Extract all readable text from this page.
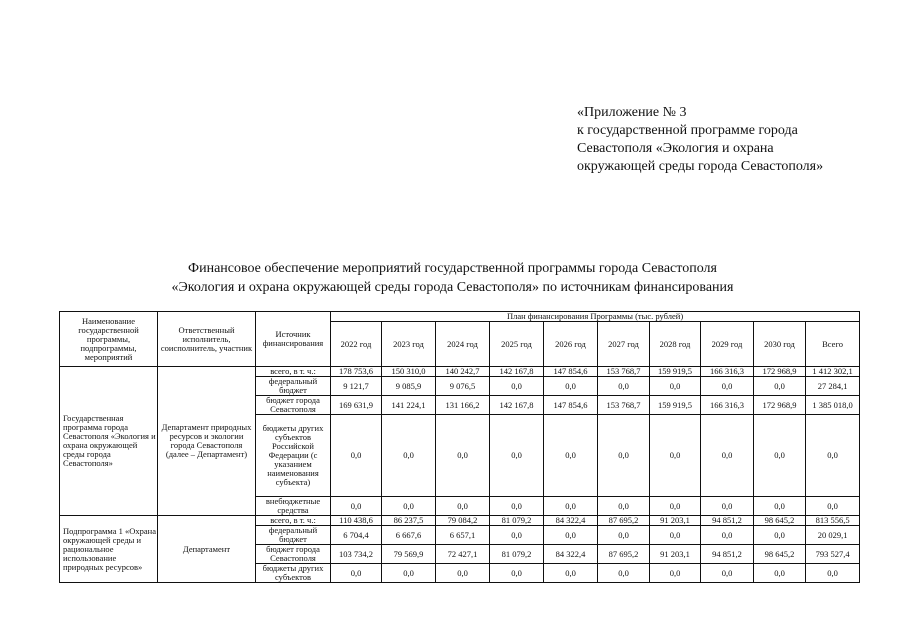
«Приложение № 3
к государственной программе города
Севастополя «Экология и охрана
окружающей среды города Севастополя»
Финансовое обеспечение мероприятий государственной программы города Севастополя
«Экология и охрана окружающей среды города Севастополя» по источникам финансирования
Наименование государственной программы, подпрограммы, мероприятий	Ответственный исполнитель, соисполнитель, участник	Источник финансирования	План финансирования Программы (тыс. рублей)									
			2022 год	2023 год	2024 год	2025 год	2026 год	2027 год	2028 год	2029 год	2030 год	Всего
Государственная программа города Севастополя «Экология и охрана окружающей среды города Севастополя»	Департамент природных ресурсов и экологии города Севастополя (далее – Департамент)	всего, в т. ч.:	178 753,6	150 310,0	140 242,7	142 167,8	147 854,6	153 768,7	159 919,5	166 316,3	172 968,9	1 412 302,1
		федеральный бюджет	9 121,7	9 085,9	9 076,5	0,0	0,0	0,0	0,0	0,0	0,0	27 284,1
		бюджет города Севастополя	169 631,9	141 224,1	131 166,2	142 167,8	147 854,6	153 768,7	159 919,5	166 316,3	172 968,9	1 385 018,0
		бюджеты других субъектов Российской Федерации (с указанием наименования субъекта)	0,0	0,0	0,0	0,0	0,0	0,0	0,0	0,0	0,0	0,0
		внебюджетные средства	0,0	0,0	0,0	0,0	0,0	0,0	0,0	0,0	0,0	0,0
Подпрограмма 1 «Охрана окружающей среды и рациональное использование природных ресурсов»	Департамент	всего, в т. ч.:	110 438,6	86 237,5	79 084,2	81 079,2	84 322,4	87 695,2	91 203,1	94 851,2	98 645,2	813 556,5
		федеральный бюджет	6 704,4	6 667,6	6 657,1	0,0	0,0	0,0	0,0	0,0	0,0	20 029,1
		бюджет города Севастополя	103 734,2	79 569,9	72 427,1	81 079,2	84 322,4	87 695,2	91 203,1	94 851,2	98 645,2	793 527,4
		бюджеты других субъектов	0,0	0,0	0,0	0,0	0,0	0,0	0,0	0,0	0,0	0,0
